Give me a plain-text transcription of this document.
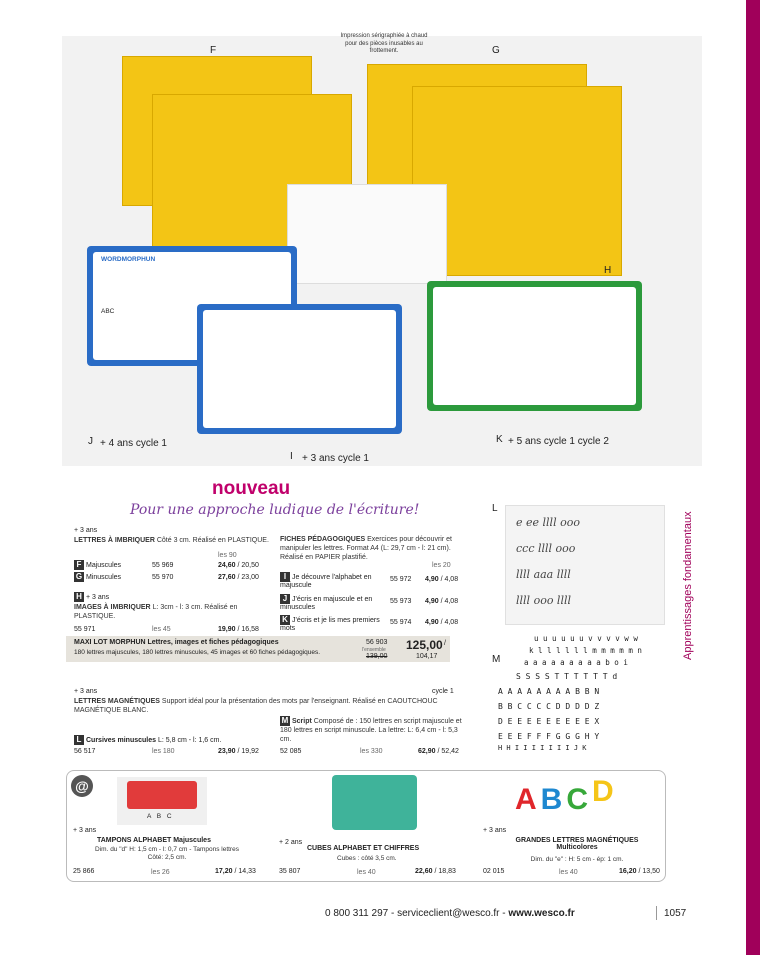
Apprentissages fondamentaux
WORDMORPHUN
ABC
Impression sérigraphiée à chaud pour des pièces inusables au frottement.
F	G
H
J + 4 ans cycle 1
I + 3 ans cycle 1
K + 5 ans cycle 1 cycle 2
nouveau
Pour une approche ludique de l'écriture!
+ 3 ans
LETTRES À IMBRIQUER Côté 3 cm. Réalisé en PLASTIQUE.
les 90
F Majuscules	55 969	24,60 / 20,50
G Minuscules	55 970	27,60 / 23,00
H + 3 ans
IMAGES À IMBRIQUER L: 3cm - l: 3 cm. Réalisé en PLASTIQUE.
55 971	les 45	19,90 / 16,58
FICHES PÉDAGOGIQUES Exercices pour découvrir et manipuler les lettres. Format A4 (L: 29,7 cm - l: 21 cm). Réalisé en PAPIER plastifié.
les 20
I Je découvre l'alphabet en majuscule
55 972 4,90 / 4,08
J J'écris en majuscule et en minuscules
55 973 4,90 / 4,08
K J'écris et je lis mes premiers mots
55 974 4,90 / 4,08
MAXI LOT MORPHUN Lettres, images et fiches pédagogiques
180 lettres majuscules, 180 lettres minuscules, 45 images et 60 fiches pédagogiques.
56 903
l'ensemble
139,00
125,00 /
104,17
+ 3 ans	cycle 1
LETTRES MAGNÉTIQUES Support idéal pour la présentation des mots par l'enseignant. Réalisé en CAOUTCHOUC MAGNÉTIQUE BLANC.
L Cursives minuscules L: 5,8 cm - l: 1,6 cm.
56 517	les 180	23,90 / 19,92
M Script Composé de : 150 lettres en script majuscule et 180 lettres en script minuscule. La lettre: L: 6,4 cm - l: 5,3 cm.
52 085	les 330	62,90 / 52,42
L
e ee llll ooo
ccc llll ooo
llll aaa llll
llll ooo llll
M
u u u u u u v v v v w w
k l l l l l l m m m m m n
a a a a a a a a a b o i
S S S S T T T T T T d
A A A A A A A A B B N
B B C C C C D D D D Z
D E E E E E E E E E X
E E E F F F G G G H Y
H H I I I I I I I J K
@
A B C
+ 3 ans
TAMPONS ALPHABET Majuscules
Dim. du "d" H: 1,5 cm - l: 0,7 cm - Tampons lettres Côté: 2,5 cm.
25 866	les 26	17,20 / 14,33
+ 2 ans
CUBES ALPHABET ET CHIFFRES
Cubes : côté 3,5 cm.
35 807	les 40	22,60 / 18,83
ABCD
+ 3 ans
GRANDES LETTRES MAGNÉTIQUES Multicolores
Dim. du "e" : H: 5 cm - ép: 1 cm.
02 015	les 40	16,20 / 13,50
0 800 311 297 - serviceclient@wesco.fr - www.wesco.fr	1057
